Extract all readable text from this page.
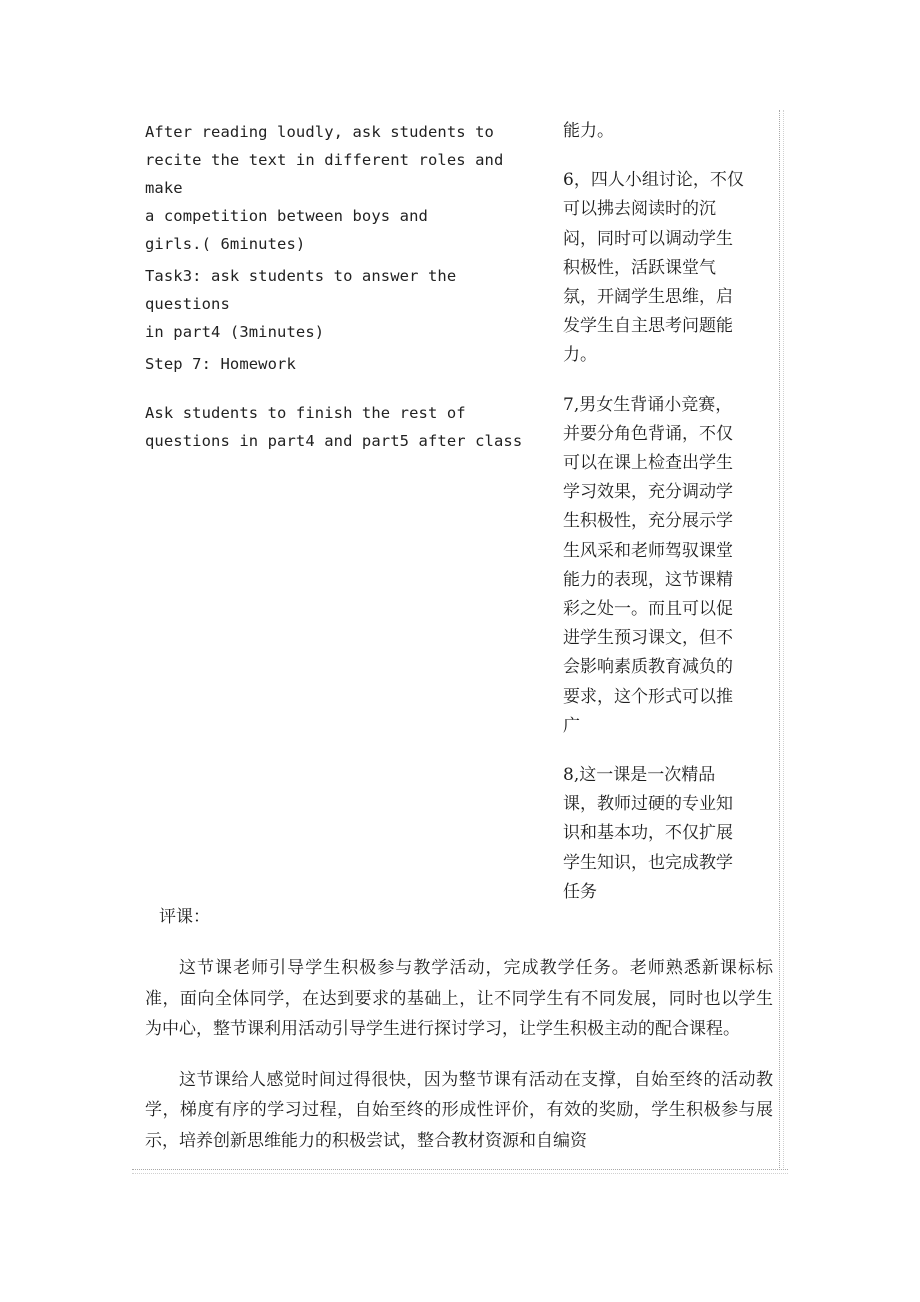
After reading loudly, ask students to

recite the text in different roles and make

a competition between boys and

girls.( 6minutes)

Task3: ask students to answer the questions

in part4 (3minutes)

Step 7: Homework

Ask students to finish the rest of

questions in part4 and part5 after class

能力。

6，四人小组讨论，不仅

可以拂去阅读时的沉

闷，同时可以调动学生

积极性，活跃课堂气

氛，开阔学生思维，启

发学生自主思考问题能

力。

7,男女生背诵小竞赛，

并要分角色背诵，不仅

可以在课上检查出学生

学习效果，充分调动学

生积极性，充分展示学

生风采和老师驾驭课堂

能力的表现，这节课精

彩之处一。而且可以促

进学生预习课文，但不

会影响素质教育减负的

要求，这个形式可以推

广

8,这一课是一次精品

课，教师过硬的专业知

识和基本功，不仅扩展

学生知识，也完成教学

任务

评课：

这节课老师引导学生积极参与教学活动，完成教学任务。老师熟悉新课标标准，面向全体同学，在达到要求的基础上，让不同学生有不同发展，同时也以学生为中心，整节课利用活动引导学生进行探讨学习，让学生积极主动的配合课程。

这节课给人感觉时间过得很快，因为整节课有活动在支撑，自始至终的活动教学，梯度有序的学习过程，自始至终的形成性评价，有效的奖励，学生积极参与展示，培养创新思维能力的积极尝试，整合教材资源和自编资
